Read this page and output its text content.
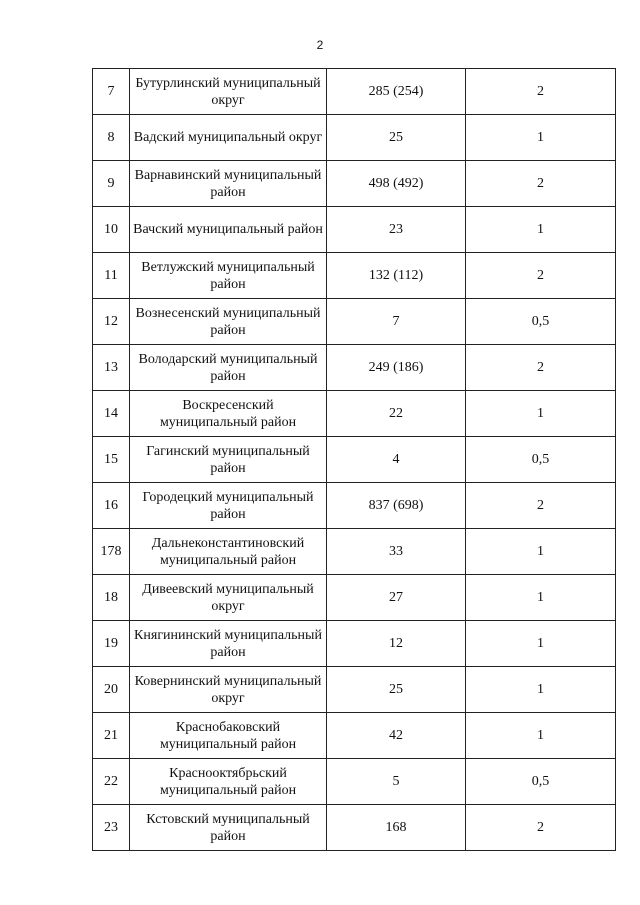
2
7	Бутурлинский муниципальный округ	285 (254)	2
8	Вадский муниципальный округ	25	1
9	Варнавинский муниципальный район	498 (492)	2
10	Вачский муниципальный район	23	1
11	Ветлужский муниципальный район	132 (112)	2
12	Вознесенский муниципальный район	7	0,5
13	Володарский муниципальный район	249 (186)	2
14	Воскресенский муниципальный район	22	1
15	Гагинский муниципальный район	4	0,5
16	Городецкий муниципальный район	837 (698)	2
178	Дальнеконстантиновский муниципальный район	33	1
18	Дивеевский муниципальный округ	27	1
19	Княгининский муниципальный район	12	1
20	Ковернинский муниципальный округ	25	1
21	Краснобаковский муниципальный район	42	1
22	Краснооктябрьский муниципальный район	5	0,5
23	Кстовский муниципальный район	168	2
